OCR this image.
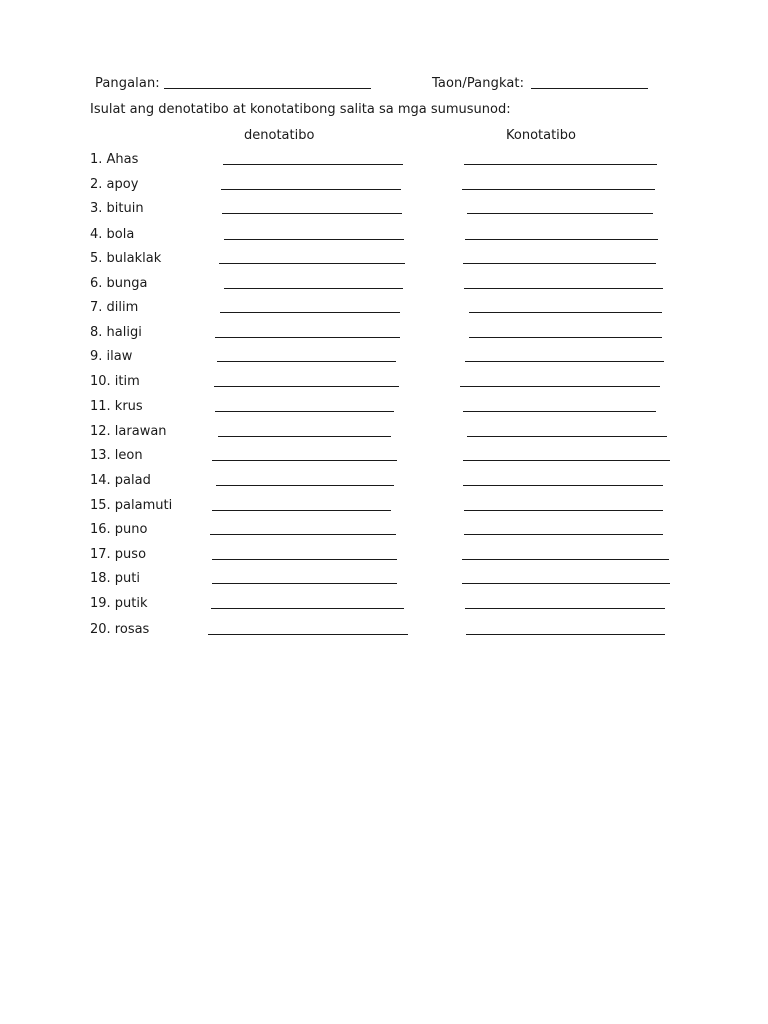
Pangalan:	Taon/Pangkat:
Isulat ang denotatibo at konotatibong salita sa mga sumusunod:
denotatibo	Konotatibo
1. Ahas
2. apoy
3. bituin
4. bola
5. bulaklak
6. bunga
7. dilim
8. haligi
9. ilaw
10. itim
11. krus
12. larawan
13. leon
14. palad
15. palamuti
16. puno
17. puso
18. puti
19. putik
20. rosas
